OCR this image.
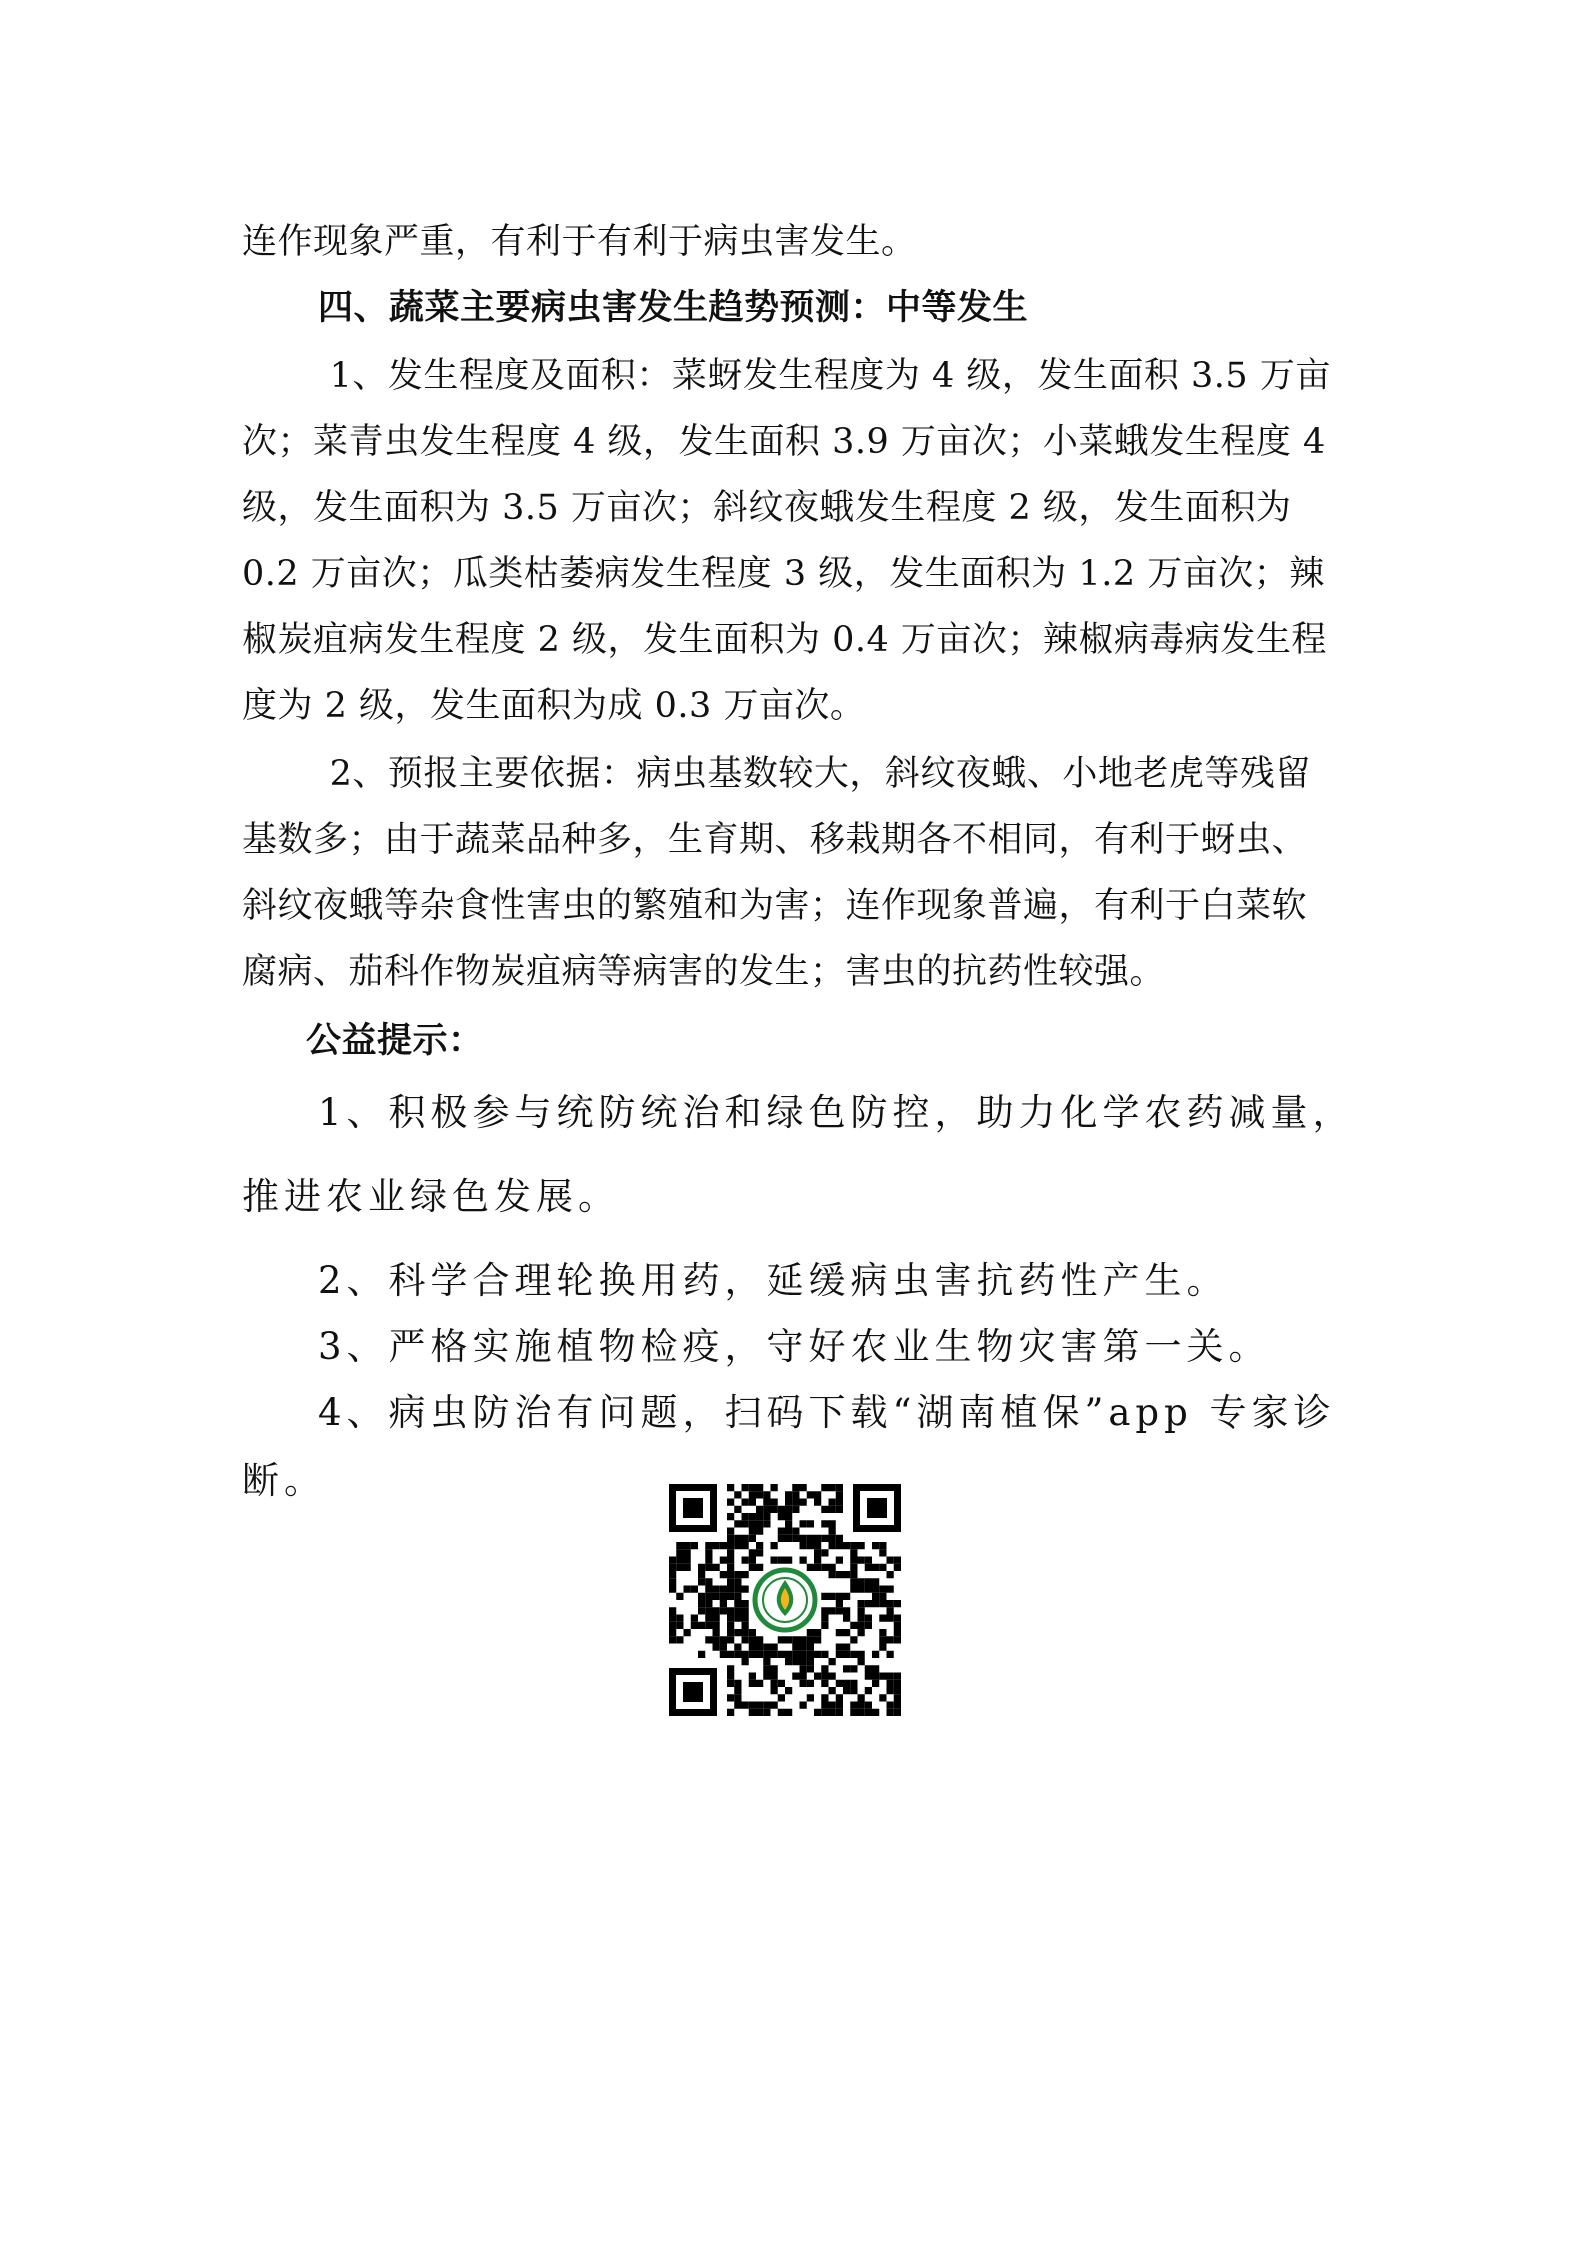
连作现象严重，有利于有利于病虫害发生。
四、蔬菜主要病虫害发生趋势预测：中等发生
1、发生程度及面积：菜蚜发生程度为 4 级，发生面积 3.5 万亩
次；菜青虫发生程度 4 级，发生面积 3.9 万亩次；小菜蛾发生程度 4
级，发生面积为 3.5 万亩次；斜纹夜蛾发生程度 2 级，发生面积为
0.2 万亩次；瓜类枯萎病发生程度 3 级，发生面积为 1.2 万亩次；辣
椒炭疽病发生程度 2 级，发生面积为 0.4 万亩次；辣椒病毒病发生程
度为 2 级，发生面积为成 0.3 万亩次。
2、预报主要依据：病虫基数较大，斜纹夜蛾、小地老虎等残留
基数多；由于蔬菜品种多，生育期、移栽期各不相同，有利于蚜虫、
斜纹夜蛾等杂食性害虫的繁殖和为害；连作现象普遍，有利于白菜软
腐病、茄科作物炭疽病等病害的发生；害虫的抗药性较强。
公益提示：
1、积极参与统防统治和绿色防控，助力化学农药减量，
推进农业绿色发展。
2、科学合理轮换用药，延缓病虫害抗药性产生。
3、严格实施植物检疫，守好农业生物灾害第一关。
4、病虫防治有问题，扫码下载“湖南植保”app 专家诊
断。
